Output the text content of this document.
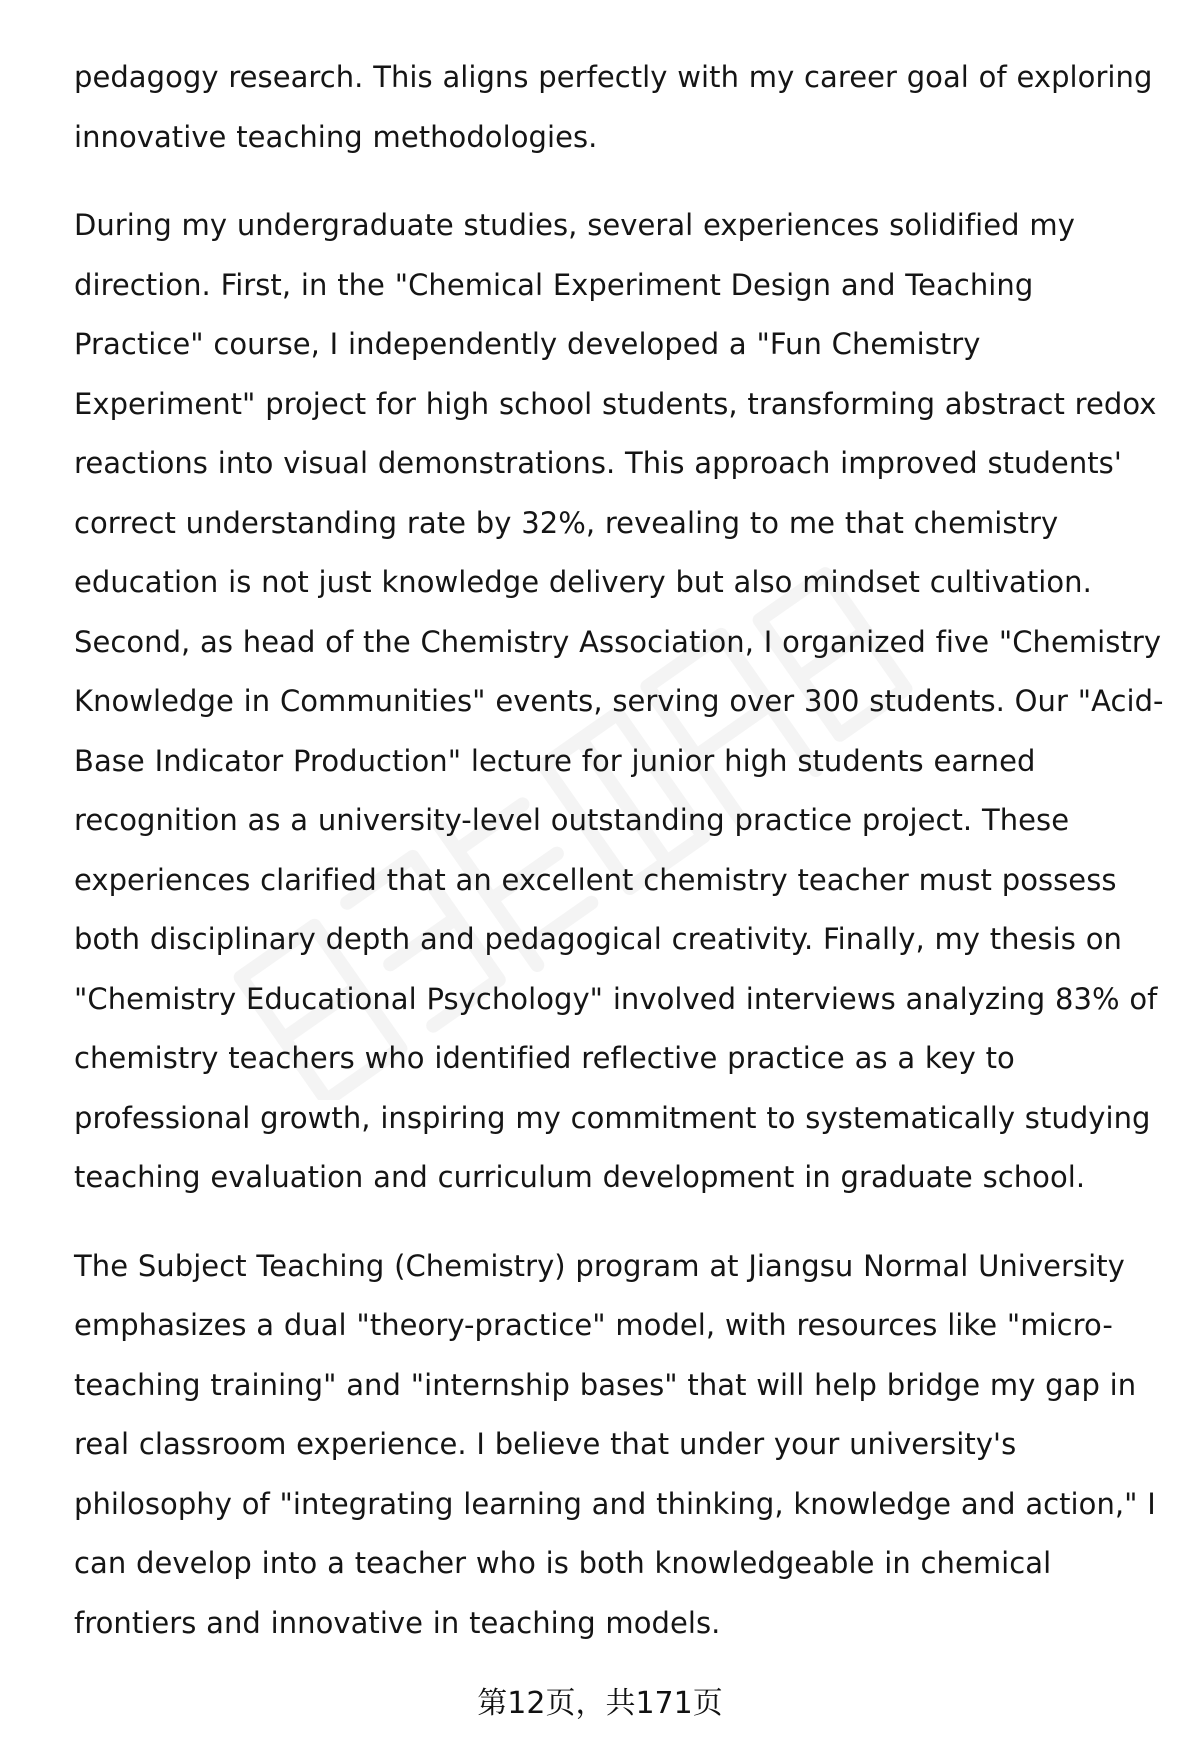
pedagogy research. This aligns perfectly with my career goal of exploring innovative teaching methodologies.

During my undergraduate studies, several experiences solidified my direction. First, in the "Chemical Experiment Design and Teaching Practice" course, I independently developed a "Fun Chemistry Experiment" project for high school students, transforming abstract redox reactions into visual demonstrations. This approach improved students' correct understanding rate by 32%, revealing to me that chemistry education is not just knowledge delivery but also mindset cultivation. Second, as head of the Chemistry Association, I organized five "Chemistry Knowledge in Communities" events, serving over 300 students. Our "Acid-Base Indicator Production" lecture for junior high students earned recognition as a university-level outstanding practice project. These experiences clarified that an excellent chemistry teacher must possess both disciplinary depth and pedagogical creativity. Finally, my thesis on "Chemistry Educational Psychology" involved interviews analyzing 83% of chemistry teachers who identified reflective practice as a key to professional growth, inspiring my commitment to systematically studying teaching evaluation and curriculum development in graduate school.

The Subject Teaching (Chemistry) program at Jiangsu Normal University emphasizes a dual "theory-practice" model, with resources like "micro-teaching training" and "internship bases" that will help bridge my gap in real classroom experience. I believe that under your university's philosophy of "integrating learning and thinking, knowledge and action," I can develop into a teacher who is both knowledgeable in chemical frontiers and innovative in teaching models.

第12页，共171页
